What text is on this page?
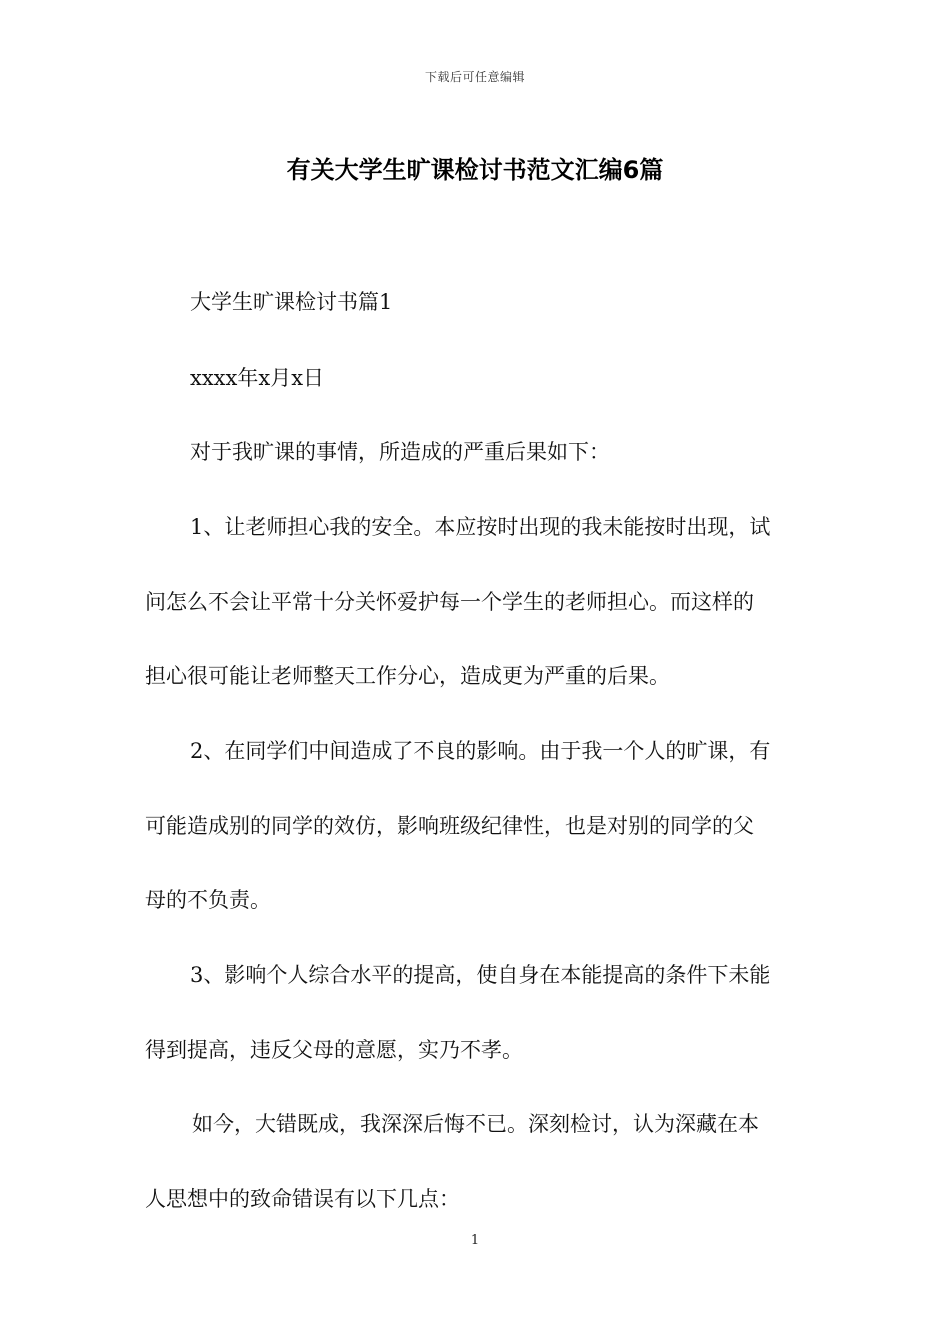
下载后可任意编辑
有关大学生旷课检讨书范文汇编6篇
大学生旷课检讨书篇1
xxxx年x月x日
对于我旷课的事情，所造成的严重后果如下：
1、让老师担心我的安全。本应按时出现的我未能按时出现，试
问怎么不会让平常十分关怀爱护每一个学生的老师担心。而这样的
担心很可能让老师整天工作分心，造成更为严重的后果。
2、在同学们中间造成了不良的影响。由于我一个人的旷课，有
可能造成别的同学的效仿，影响班级纪律性，也是对别的同学的父
母的不负责。
3、影响个人综合水平的提高，使自身在本能提高的条件下未能
得到提高，违反父母的意愿，实乃不孝。
如今，大错既成，我深深后悔不已。深刻检讨，认为深藏在本
人思想中的致命错误有以下几点：
1
